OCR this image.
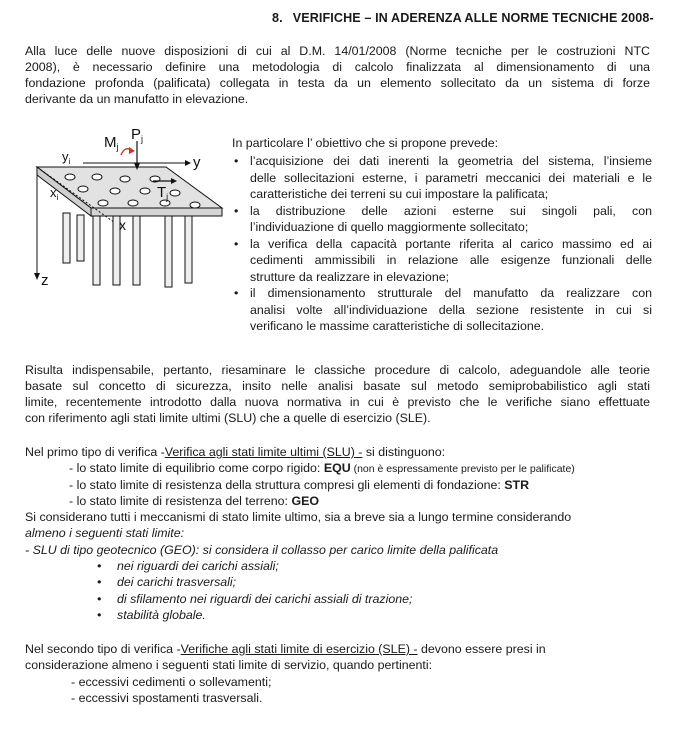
8. VERIFICHE – IN ADERENZA ALLE NORME TECNICHE 2008-
Alla luce delle nuove disposizioni di cui al D.M. 14/01/2008 (Norme tecniche per le costruzioni NTC
2008), è necessario definire una metodologia di calcolo finalizzata al dimensionamento di una
fondazione profonda (palificata) collegata in testa da un elemento sollecitato da un sistema di forze
derivante da un manufatto in elevazione.
$M_j$
$P_j$
$y_i$	y
$x_i$	$T_j$
x
z
In particolare l’ obiettivo che si propone prevede:
• l’acquisizione dei dati inerenti la geometria del sistema, l’insieme
delle sollecitazioni esterne, i parametri meccanici dei materiali e le
caratteristiche dei terreni su cui impostare la palificata;
• la distribuzione delle azioni esterne sui singoli pali, con
l’individuazione di quello maggiormente sollecitato;
• la verifica della capacità portante riferita al carico massimo ed ai
cedimenti ammissibili in relazione alle esigenze funzionali delle
strutture da realizzare in elevazione;
• il dimensionamento strutturale del manufatto da realizzare con
analisi volte all’individuazione della sezione resistente in cui si
verificano le massime caratteristiche di sollecitazione.
Risulta indispensabile, pertanto, riesaminare le classiche procedure di calcolo, adeguandole alle teorie
basate sul concetto di sicurezza, insito nelle analisi basate sul metodo semiprobabilistico agli stati
limite, recentemente introdotto dalla nuova normativa in cui è previsto che le verifiche siano effettuate
con riferimento agli stati limite ultimi (SLU) che a quelle di esercizio (SLE).
Nel primo tipo di verifica -Verifica agli stati limite ultimi (SLU) - si distinguono:
- lo stato limite di equilibrio come corpo rigido: EQU (non è espressamente previsto per le palificate)
- lo stato limite di resistenza della struttura compresi gli elementi di fondazione: STR
- lo stato limite di resistenza del terreno: GEO
Si considerano tutti i meccanismi di stato limite ultimo, sia a breve sia a lungo termine considerando
almeno i seguenti stati limite:
- SLU di tipo geotecnico (GEO): si considera il collasso per carico limite della palificata
• nei riguardi dei carichi assiali;
• dei carichi trasversali;
• di sfilamento nei riguardi dei carichi assiali di trazione;
• stabilità globale.
Nel secondo tipo di verifica -Verifiche agli stati limite di esercizio (SLE) - devono essere presi in
considerazione almeno i seguenti stati limite di servizio, quando pertinenti:
- eccessivi cedimenti o sollevamenti;
- eccessivi spostamenti trasversali.
